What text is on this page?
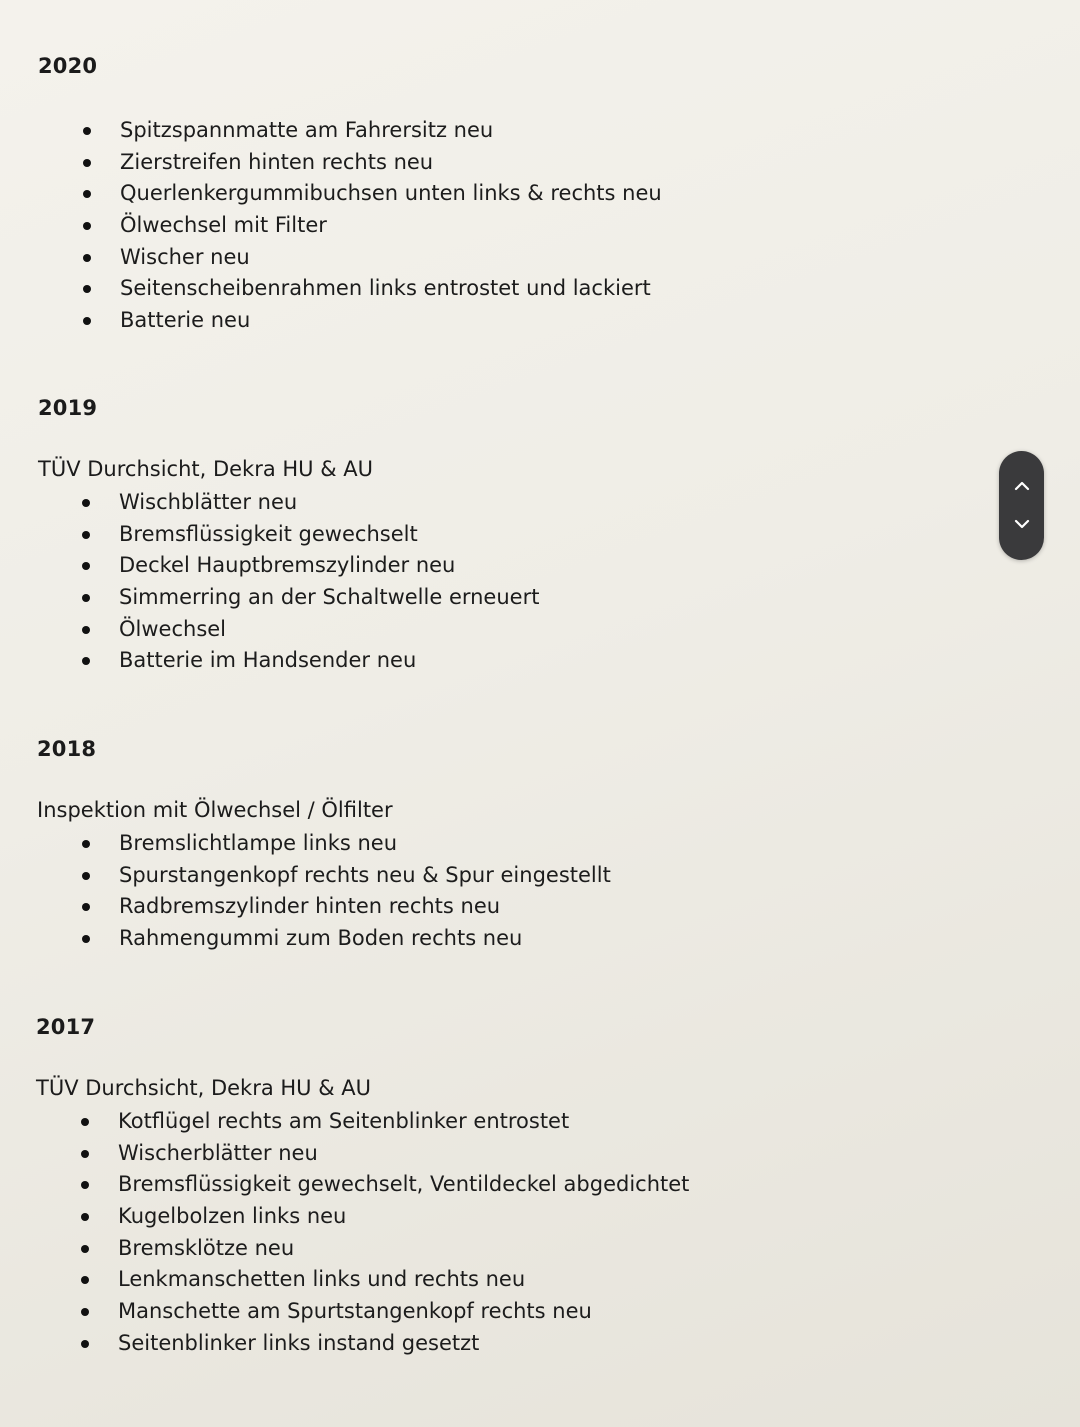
2020
Spitzspannmatte am Fahrersitz neu
Zierstreifen hinten rechts neu
Querlenkergummibuchsen unten links & rechts neu
Ölwechsel mit Filter
Wischer neu
Seitenscheibenrahmen links entrostet und lackiert
Batterie neu
2019
TÜV Durchsicht, Dekra HU & AU
Wischblätter neu
Bremsflüssigkeit gewechselt
Deckel Hauptbremszylinder neu
Simmerring an der Schaltwelle erneuert
Ölwechsel
Batterie im Handsender neu
2018
Inspektion mit Ölwechsel / Ölfilter
Bremslichtlampe links neu
Spurstangenkopf rechts neu & Spur eingestellt
Radbremszylinder hinten rechts neu
Rahmengummi zum Boden rechts neu
2017
TÜV Durchsicht, Dekra HU & AU
Kotflügel rechts am Seitenblinker entrostet
Wischerblätter neu
Bremsflüssigkeit gewechselt, Ventildeckel abgedichtet
Kugelbolzen links neu
Bremsklötze neu
Lenkmanschetten links und rechts neu
Manschette am Spurtstangenkopf rechts neu
Seitenblinker links instand gesetzt
